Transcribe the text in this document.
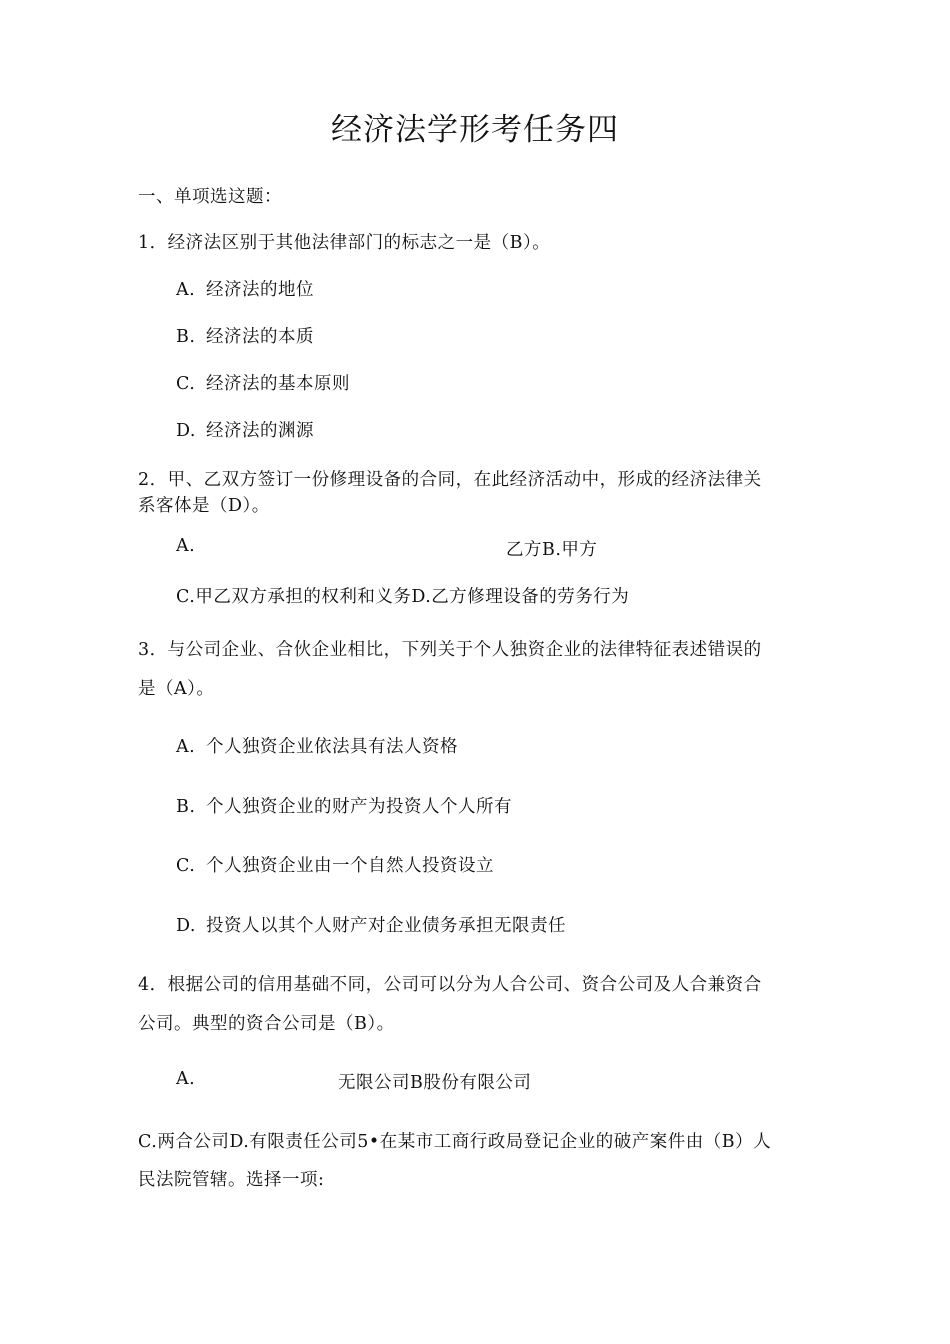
经济法学形考任务四
一、单项选这题：
1．经济法区别于其他法律部门的标志之一是（B）。
A. 经济法的地位
B. 经济法的本质
C. 经济法的基本原则
D. 经济法的渊源
2．甲、乙双方签订一份修理设备的合同，在此经济活动中，形成的经济法律关
系客体是（D）。
A.	乙方B.甲方
C.甲乙双方承担的权利和义务D.乙方修理设备的劳务行为
3．与公司企业、合伙企业相比，下列关于个人独资企业的法律特征表述错误的
是（A）。
A. 个人独资企业依法具有法人资格
B. 个人独资企业的财产为投资人个人所有
C. 个人独资企业由一个自然人投资设立
D. 投资人以其个人财产对企业债务承担无限责任
4．根据公司的信用基础不同，公司可以分为人合公司、资合公司及人合兼资合
公司。典型的资合公司是（B）。
A.	无限公司B股份有限公司
C.两合公司D.有限责任公司5•在某市工商行政局登记企业的破产案件由（B）人
民法院管辖。选择一项:
